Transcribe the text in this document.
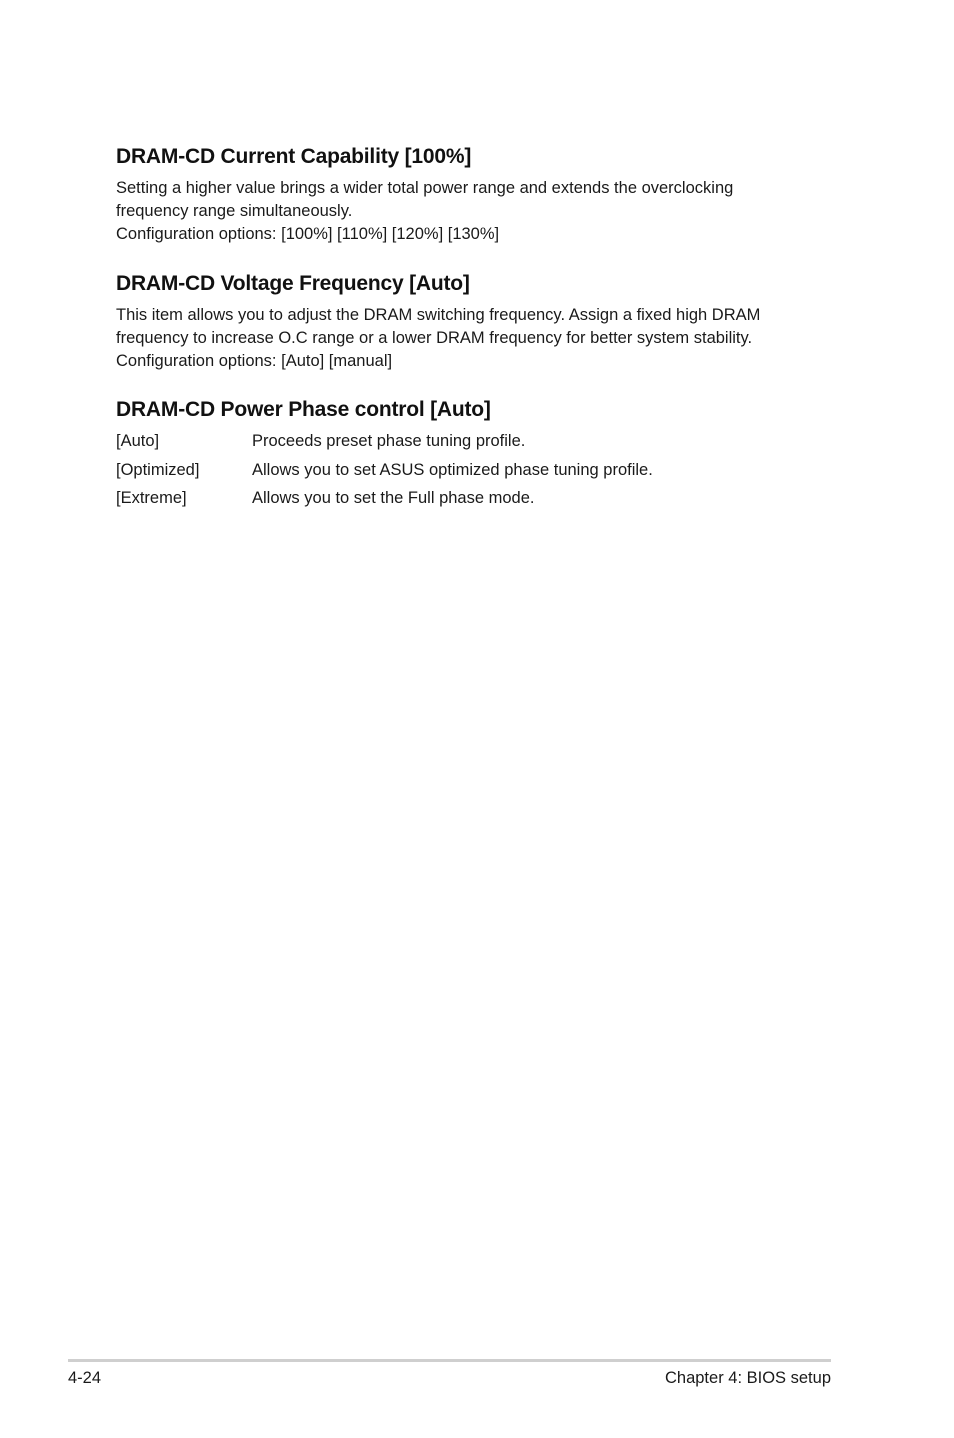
DRAM-CD Current Capability [100%]

Setting a higher value brings a wider total power range and extends the overclocking

frequency range simultaneously.

Configuration options: [100%] [110%] [120%] [130%]

DRAM-CD Voltage Frequency [Auto]

This item allows you to adjust the DRAM switching frequency. Assign a fixed high DRAM

frequency to increase O.C range or a lower DRAM frequency for better system stability.

Configuration options: [Auto] [manual]

DRAM-CD Power Phase control [Auto]
[Auto]	Proceeds preset phase tuning profile.
[Optimized]	Allows you to set ASUS optimized phase tuning profile.
[Extreme]	Allows you to set the Full phase mode.
4-24	Chapter 4: BIOS setup
